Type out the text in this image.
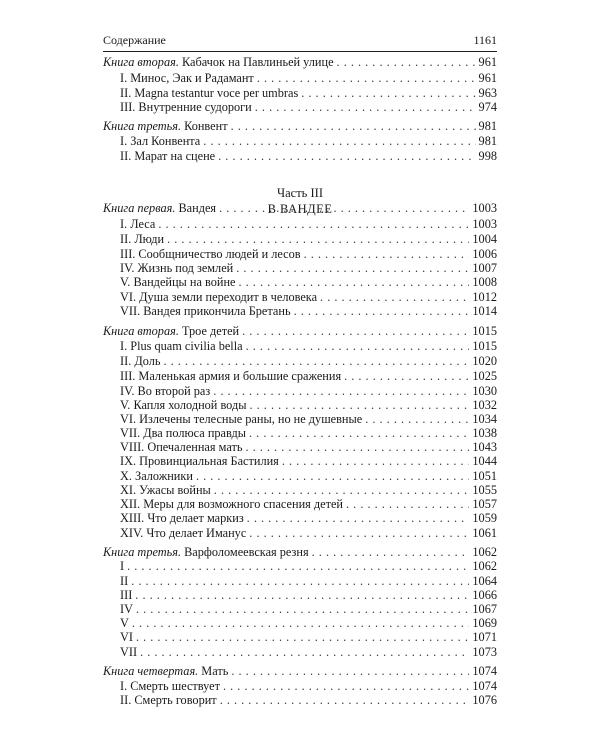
Содержание	1161
Часть III
В ВАНДЕЕ
Книга вторая. Кабачок на Павлиньей улице . . .	961
I. Минос, Эак и Радамант . . .	961
II. Magna testantur voce per umbras . . .	963
III. Внутренние судороги . . .	974
Книга третья. Конвент . . .	981
I. Зал Конвента . . .	981
II. Марат на сцене . . .	998
Книга первая. Вандея . . .	1003
I. Леса . . .	1003
II. Люди . . .	1004
III. Сообщничество людей и лесов . . .	1006
IV. Жизнь под землей . . .	1007
V. Вандейцы на войне . . .	1008
VI. Душа земли переходит в человека . . .	1012
VII. Вандея прикончила Бретань . . .	1014
Книга вторая. Трое детей . . .	1015
I. Plus quam civilia bella . . .	1015
II. Доль . . .	1020
III. Маленькая армия и большие сражения . . .	1025
IV. Во второй раз . . .	1030
V. Капля холодной воды . . .	1032
VI. Излечены телесные раны, но не душевные . . .	1034
VII. Два полюса правды . . .	1038
VIII. Опечаленная мать . . .	1043
IX. Провинциальная Бастилия . . .	1044
X. Заложники . . .	1051
XI. Ужасы войны . . .	1055
XII. Меры для возможного спасения детей . . .	1057
XIII. Что делает маркиз . . .	1059
XIV. Что делает Иманус . . .	1061
Книга третья. Варфоломеевская резня . . .	1062
I . . .	1062
II . . .	1064
III . . .	1066
IV . . .	1067
V . . .	1069
VI . . .	1071
VII . . .	1073
Книга четвертая. Мать . . .	1074
I. Смерть шествует . . .	1074
II. Смерть говорит . . .	1076
